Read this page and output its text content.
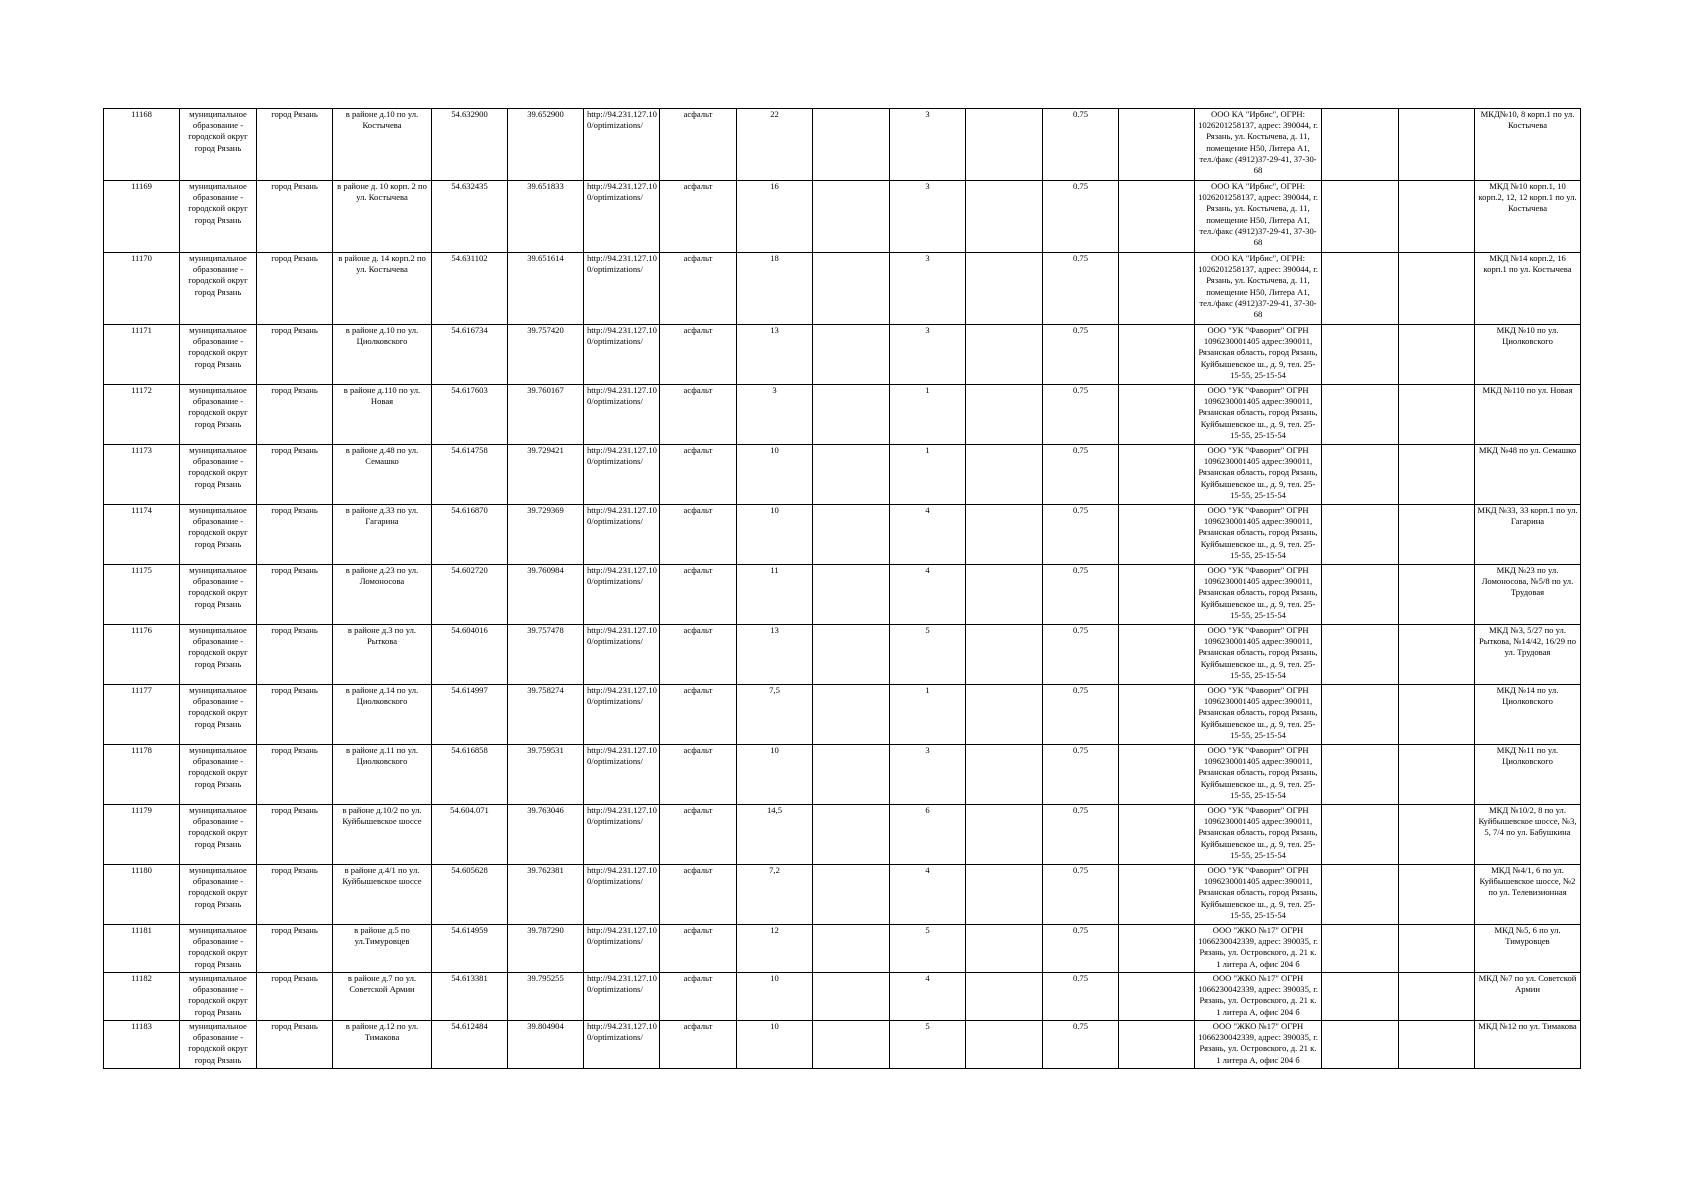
11168	муниципальное образование - городской округ город Рязань	город Рязань	в районе д.10 по ул. Костычева	54.632900	39.652900	http://94.231.127.10 0/optimizations/	асфальт	22		3		0.75		ООО КА "Ирбис", ОГРН: 1026201258137, адрес: 390044, г. Рязань, ул. Костычева, д. 11, помещение Н50, Литера А1, тел./факс (4912)37-29-41, 37-30-68			МКД№10, 8 корп.1 по ул. Костычева
11169	муниципальное образование - городской округ город Рязань	город Рязань	в районе д. 10 корп. 2 по ул. Костычева	54.632435	39.651833	http://94.231.127.10 0/optimizations/	асфальт	16		3		0.75		ООО КА "Ирбис", ОГРН: 1026201258137, адрес: 390044, г. Рязань, ул. Костычева, д. 11, помещение Н50, Литера А1, тел./факс (4912)37-29-41, 37-30-68			МКД №10 корп.1, 10 корп.2, 12, 12 корп.1 по ул. Костычева
11170	муниципальное образование - городской округ город Рязань	город Рязань	в районе д. 14 корп.2 по ул. Костычева	54.631102	39.651614	http://94.231.127.10 0/optimizations/	асфальт	18		3		0.75		ООО КА "Ирбис", ОГРН: 1026201258137, адрес: 390044, г. Рязань, ул. Костычева, д. 11, помещение Н50, Литера А1, тел./факс (4912)37-29-41, 37-30-68			МКД №14 корп.2, 16 корп.1 по ул. Костычева
11171	муниципальное образование - городской округ город Рязань	город Рязань	в районе д.10 по ул. Циолковского	54.616734	39.757420	http://94.231.127.10 0/optimizations/	асфальт	13		3		0.75		ООО "УК "Фаворит" ОГРН 1096230001405 адрес:390011, Рязанская область, город Рязань, Куйбышевское ш., д. 9, тел. 25-15-55, 25-15-54			МКД №10 по ул. Циолковского
11172	муниципальное образование - городской округ город Рязань	город Рязань	в районе д.110 по ул. Новая	54.617603	39.760167	http://94.231.127.10 0/optimizations/	асфальт	3		1		0.75		ООО "УК "Фаворит" ОГРН 1096230001405 адрес:390011, Рязанская область, город Рязань, Куйбышевское ш., д. 9, тел. 25-15-55, 25-15-54			МКД №110 по ул. Новая
11173	муниципальное образование - городской округ город Рязань	город Рязань	в районе д.48 по ул. Семашко	54.614758	39.729421	http://94.231.127.10 0/optimizations/	асфальт	10		1		0.75		ООО "УК "Фаворит" ОГРН 1096230001405 адрес:390011, Рязанская область, город Рязань, Куйбышевское ш., д. 9, тел. 25-15-55, 25-15-54			МКД №48 по ул. Семашко
11174	муниципальное образование - городской округ город Рязань	город Рязань	в районе д.33 по ул. Гагарина	54.616870	39.729369	http://94.231.127.10 0/optimizations/	асфальт	10		4		0.75		ООО "УК "Фаворит" ОГРН 1096230001405 адрес:390011, Рязанская область, город Рязань, Куйбышевское ш., д. 9, тел. 25-15-55, 25-15-54			МКД №33, 33 корп.1 по ул. Гагарина
11175	муниципальное образование - городской округ город Рязань	город Рязань	в районе д.23 по ул. Ломоносова	54.602720	39.760984	http://94.231.127.10 0/optimizations/	асфальт	11		4		0.75		ООО "УК "Фаворит" ОГРН 1096230001405 адрес:390011, Рязанская область, город Рязань, Куйбышевское ш., д. 9, тел. 25-15-55, 25-15-54			МКД №23 по ул. Ломоносова, №5/8 по ул. Трудовая
11176	муниципальное образование - городской округ город Рязань	город Рязань	в районе д.3 по ул. Рыткова	54.604016	39.757478	http://94.231.127.10 0/optimizations/	асфальт	13		5		0.75		ООО "УК "Фаворит" ОГРН 1096230001405 адрес:390011, Рязанская область, город Рязань, Куйбышевское ш., д. 9, тел. 25-15-55, 25-15-54			МКД №3, 5/27 по ул. Рыткова, №14/42, 16/29 по ул. Трудовая
11177	муниципальное образование - городской округ город Рязань	город Рязань	в районе д.14 по ул. Циолковского	54.614997	39.758274	http://94.231.127.10 0/optimizations/	асфальт	7,5		1		0.75		ООО "УК "Фаворит" ОГРН 1096230001405 адрес:390011, Рязанская область, город Рязань, Куйбышевское ш., д. 9, тел. 25-15-55, 25-15-54			МКД №14 по ул. Циолковского
11178	муниципальное образование - городской округ город Рязань	город Рязань	в районе д.11 по ул. Циолковского	54.616858	39.759531	http://94.231.127.10 0/optimizations/	асфальт	10		3		0.75		ООО "УК "Фаворит" ОГРН 1096230001405 адрес:390011, Рязанская область, город Рязань, Куйбышевское ш., д. 9, тел. 25-15-55, 25-15-54			МКД №11 по ул. Циолковского
11179	муниципальное образование - городской округ город Рязань	город Рязань	в районе д.10/2 по ул. Куйбышевское шоссе	54.604.071	39.763046	http://94.231.127.10 0/optimizations/	асфальт	14,5		6		0.75		ООО "УК "Фаворит" ОГРН 1096230001405 адрес:390011, Рязанская область, город Рязань, Куйбышевское ш., д. 9, тел. 25-15-55, 25-15-54			МКД №10/2, 8 по ул. Куйбышевское шоссе, №3, 5, 7/4 по ул. Бабушкина
11180	муниципальное образование - городской округ город Рязань	город Рязань	в районе д.4/1 по ул. Куйбышевское шоссе	54.605628	39.762381	http://94.231.127.10 0/optimizations/	асфальт	7,2		4		0.75		ООО "УК "Фаворит" ОГРН 1096230001405 адрес:390011, Рязанская область, город Рязань, Куйбышевское ш., д. 9, тел. 25-15-55, 25-15-54			МКД №4/1, 6 по ул. Куйбышевское шоссе, №2 по ул. Телевизионная
11181	муниципальное образование - городской округ город Рязань	город Рязань	в районе д.5 по ул.Тимуровцев	54.614959	39.787290	http://94.231.127.10 0/optimizations/	асфальт	12		5		0.75		ООО "ЖКО №17" ОГРН 1066230042339, адрес: 390035, г. Рязань, ул. Островского, д. 21 к. 1 литера А, офис 204 б			МКД №5, 6 по ул. Тимуровцев
11182	муниципальное образование - городской округ город Рязань	город Рязань	в районе д.7 по ул. Советской Армии	54.613381	39.795255	http://94.231.127.10 0/optimizations/	асфальт	10		4		0.75		ООО "ЖКО №17" ОГРН 1066230042339, адрес: 390035, г. Рязань, ул. Островского, д. 21 к. 1 литера А, офис 204 б			МКД №7 по ул. Советской Армии
11183	муниципальное образование - городской округ город Рязань	город Рязань	в районе д.12 по ул. Тимакова	54.612484	39.804904	http://94.231.127.10 0/optimizations/	асфальт	10		5		0.75		ООО "ЖКО №17" ОГРН 1066230042339, адрес: 390035, г. Рязань, ул. Островского, д. 21 к. 1 литера А, офис 204 б			МКД №12 по ул. Тимакова
